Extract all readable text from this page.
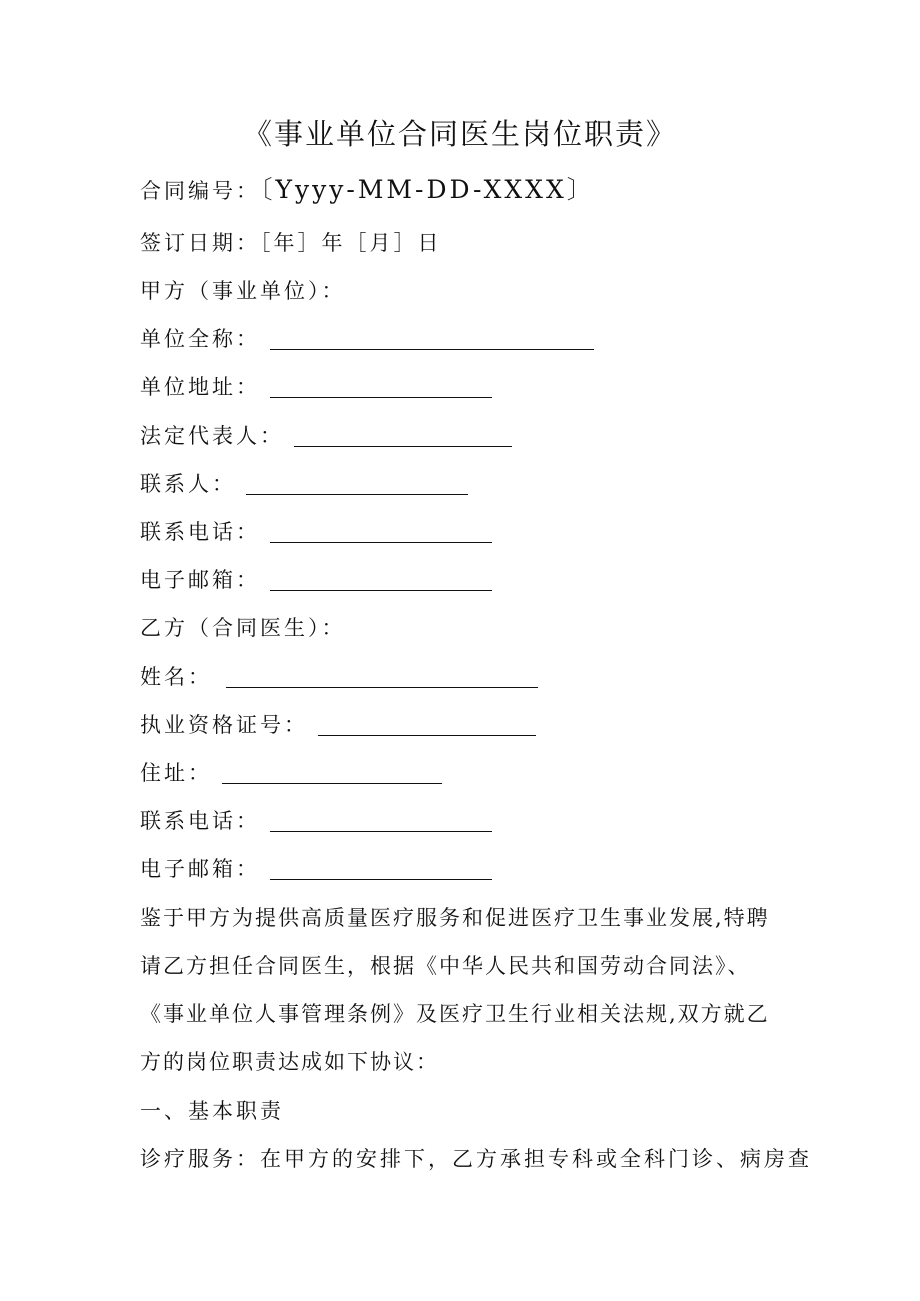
《事业单位合同医生岗位职责》
合同编号：〔Yyyy-MM-DD-XXXX〕
签订日期：［年］年［月］日
甲方（事业单位）：
单位全称：
单位地址：
法定代表人：
联系人：
联系电话：
电子邮箱：
乙方（合同医生）：
姓名：
执业资格证号：
住址：
联系电话：
电子邮箱：
鉴于甲方为提供高质量医疗服务和促进医疗卫生事业发展,特聘
请乙方担任合同医生，根据《中华人民共和国劳动合同法》、
《事业单位人事管理条例》及医疗卫生行业相关法规,双方就乙
方的岗位职责达成如下协议：
一、基本职责
诊疗服务：在甲方的安排下，乙方承担专科或全科门诊、病房查
